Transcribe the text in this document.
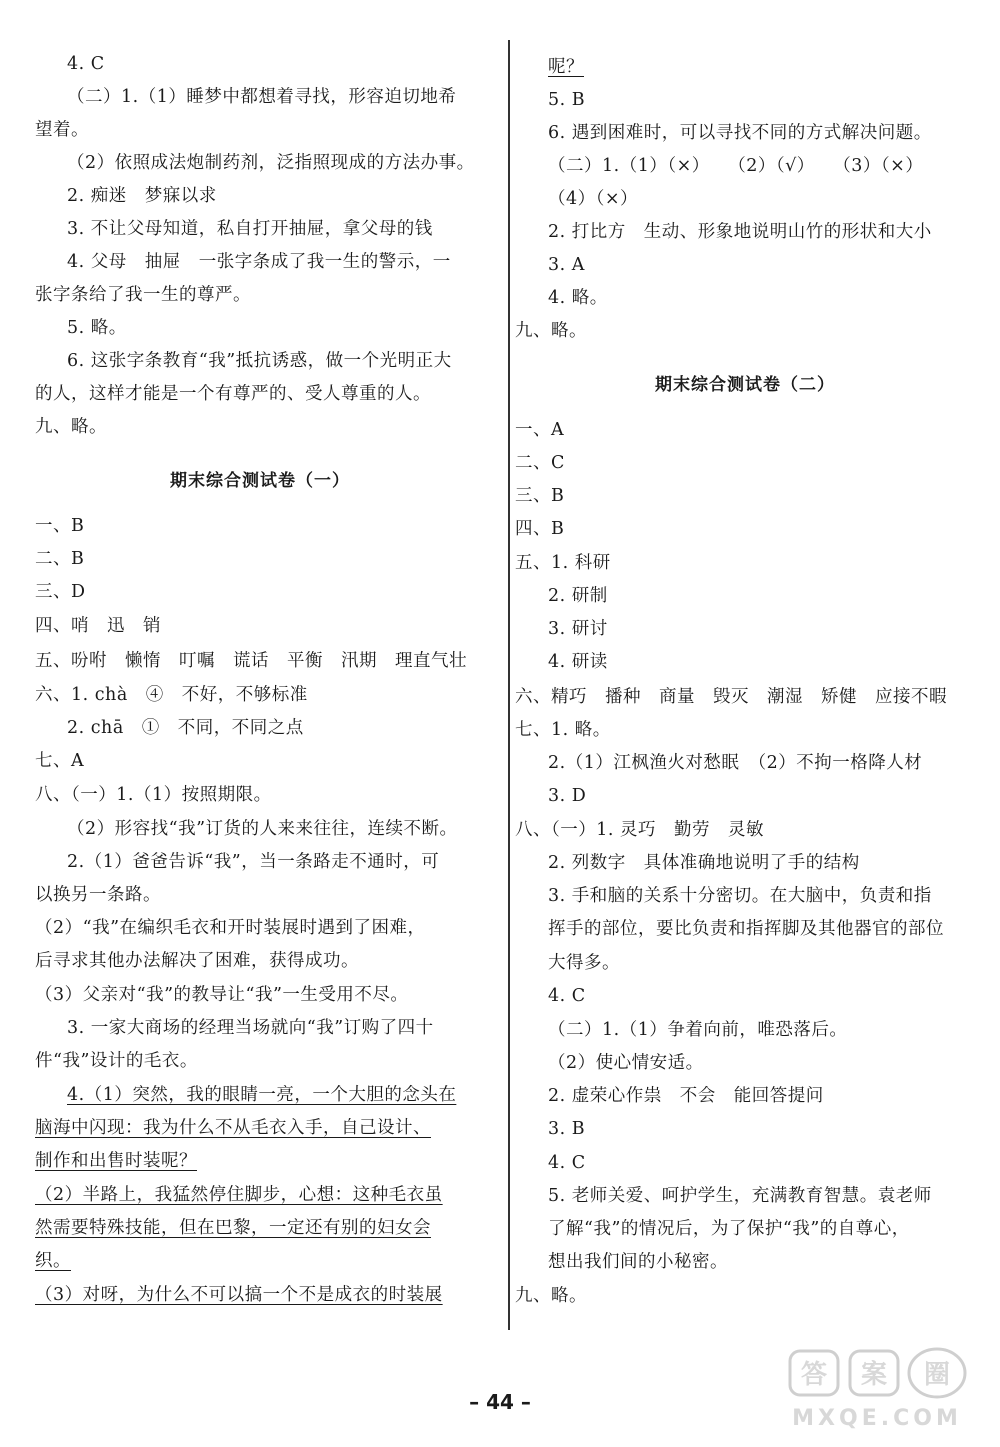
4. C
（二）1.（1）睡梦中都想着寻找，形容迫切地希
望着。
（2）依照成法炮制药剂，泛指照现成的方法办事。
2. 痴迷　梦寐以求
3. 不让父母知道，私自打开抽屉，拿父母的钱
4. 父母　抽屉　一张字条成了我一生的警示，一
张字条给了我一生的尊严。
5. 略。
6. 这张字条教育“我”抵抗诱惑，做一个光明正大
的人，这样才能是一个有尊严的、受人尊重的人。
九、略。
期末综合测试卷（一）
一、B
二、B
三、D
四、哨　迅　销
五、吩咐　懒惰　叮嘱　谎话　平衡　汛期　理直气壮
六、1. chà　④　不好，不够标准
2. chā　①　不同，不同之点
七、A
八、（一）1.（1）按照期限。
（2）形容找“我”订货的人来来往往，连续不断。
2.（1）爸爸告诉“我”，当一条路走不通时，可
以换另一条路。
（2）“我”在编织毛衣和开时装展时遇到了困难，
后寻求其他办法解决了困难，获得成功。
（3）父亲对“我”的教导让“我”一生受用不尽。
3. 一家大商场的经理当场就向“我”订购了四十
件“我”设计的毛衣。
4.（1）突然，我的眼睛一亮，一个大胆的念头在
脑海中闪现：我为什么不从毛衣入手，自己设计、
制作和出售时装呢？
（2）半路上，我猛然停住脚步，心想：这种毛衣虽
然需要特殊技能，但在巴黎，一定还有别的妇女会
织。
（3）对呀，为什么不可以搞一个不是成衣的时装展
呢？
5. B
6. 遇到困难时，可以寻找不同的方式解决问题。
（二）1.（1）（×）　　（2）（√）　　（3）（×）
（4）（×）
2. 打比方　生动、形象地说明山竹的形状和大小
3. A
4. 略。
九、略。
期末综合测试卷（二）
一、A
二、C
三、B
四、B
五、1. 科研
2. 研制
3. 研讨
4. 研读
六、精巧　播种　商量　毁灭　潮湿　矫健　应接不暇
七、1. 略。
2.（1）江枫渔火对愁眠　（2）不拘一格降人材
3. D
八、（一）1. 灵巧　勤劳　灵敏
2. 列数字　具体准确地说明了手的结构
3. 手和脑的关系十分密切。在大脑中，负责和指
挥手的部位，要比负责和指挥脚及其他器官的部位
大得多。
4. C
（二）1.（1）争着向前，唯恐落后。
（2）使心情安适。
2. 虚荣心作祟　不会　能回答提问
3. B
4. C
5. 老师关爱、呵护学生，充满教育智慧。袁老师
了解“我”的情况后，为了保护“我”的自尊心，
想出我们间的小秘密。
九、略。
– 44 –
答 案 圈
MXQE.COM
